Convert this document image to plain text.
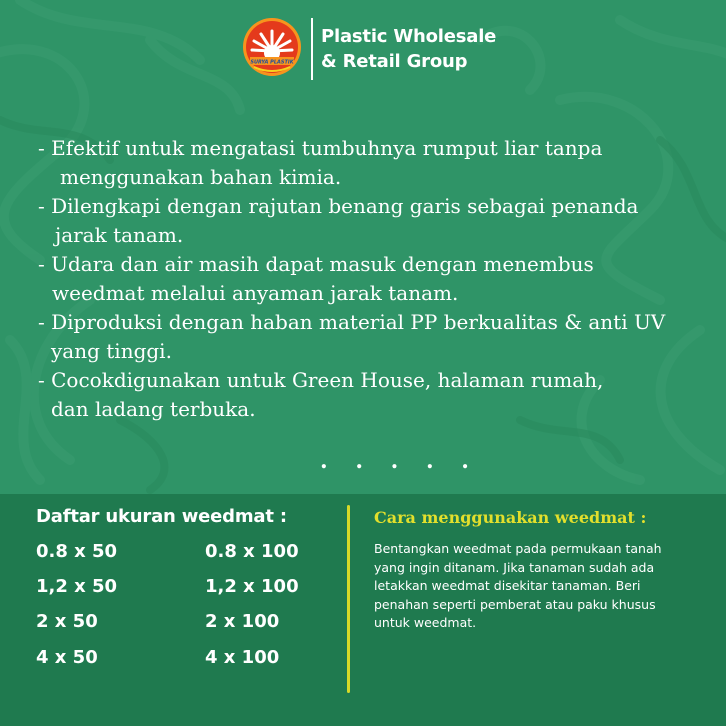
SURYA PLASTIK
Plastic Wholesale
& Retail Group
- Efektif untuk mengatasi tumbuhnya rumput liar tanpa
menggunakan bahan kimia.
- Dilengkapi dengan rajutan benang garis sebagai penanda
jarak tanam.
- Udara dan air masih dapat masuk dengan menembus
weedmat melalui anyaman jarak tanam.
- Diproduksi dengan haban material PP berkualitas & anti UV
yang tinggi.
- Cocokdigunakan untuk Green House, halaman rumah,
dan ladang terbuka.
. . . . .
Daftar ukuran weedmat :
0.8 x 50
1,2 x 50
2 x 50
4 x 50
0.8 x 100
1,2 x 100
2 x 100
4 x 100
Cara menggunakan weedmat :
Bentangkan weedmat pada permukaan tanah
yang ingin ditanam. Jika tanaman sudah ada
letakkan weedmat disekitar tanaman. Beri
penahan seperti pemberat atau paku khusus
untuk weedmat.
